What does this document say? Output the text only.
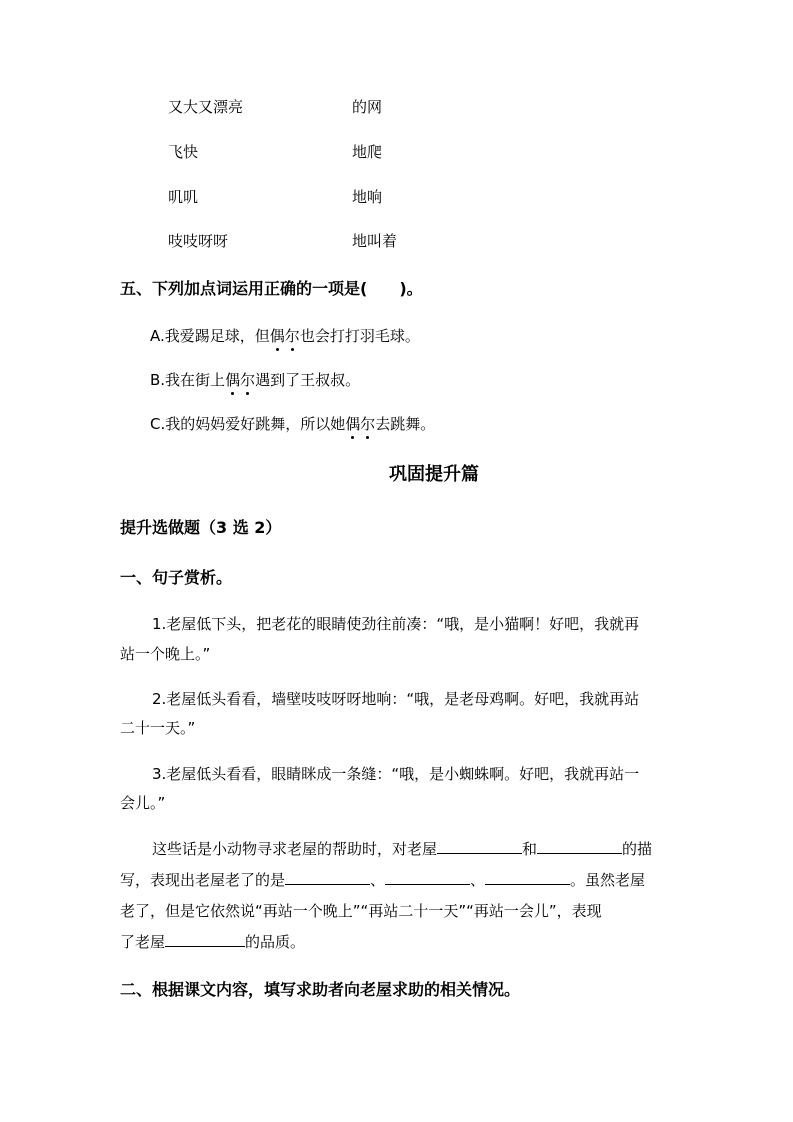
又大又漂亮	的网
飞快	地爬
叽叽	地响
吱吱呀呀	地叫着
五、下列加点词运用正确的一项是(　　)。
A.我爱踢足球，但偶尔也会打打羽毛球。
B.我在街上偶尔遇到了王叔叔。
C.我的妈妈爱好跳舞，所以她偶尔去跳舞。
巩固提升篇
提升选做题（3 选 2）
一、句子赏析。
1.老屋低下头，把老花的眼睛使劲往前凑：“哦，是小猫啊！好吧，我就再
站一个晚上。”
2.老屋低头看看，墙壁吱吱呀呀地响：“哦，是老母鸡啊。好吧，我就再站
二十一天。”
3.老屋低头看看，眼睛眯成一条缝：“哦，是小蜘蛛啊。好吧，我就再站一
会儿。”
这些话是小动物寻求老屋的帮助时，对老屋	和	的描
写，表现出老屋老了的是	、	、	。虽然老屋
老了，但是它依然说“再站一个晚上”“再站二十一天”“再站一会儿”，表现
了老屋	的品质。
二、根据课文内容，填写求助者向老屋求助的相关情况。
